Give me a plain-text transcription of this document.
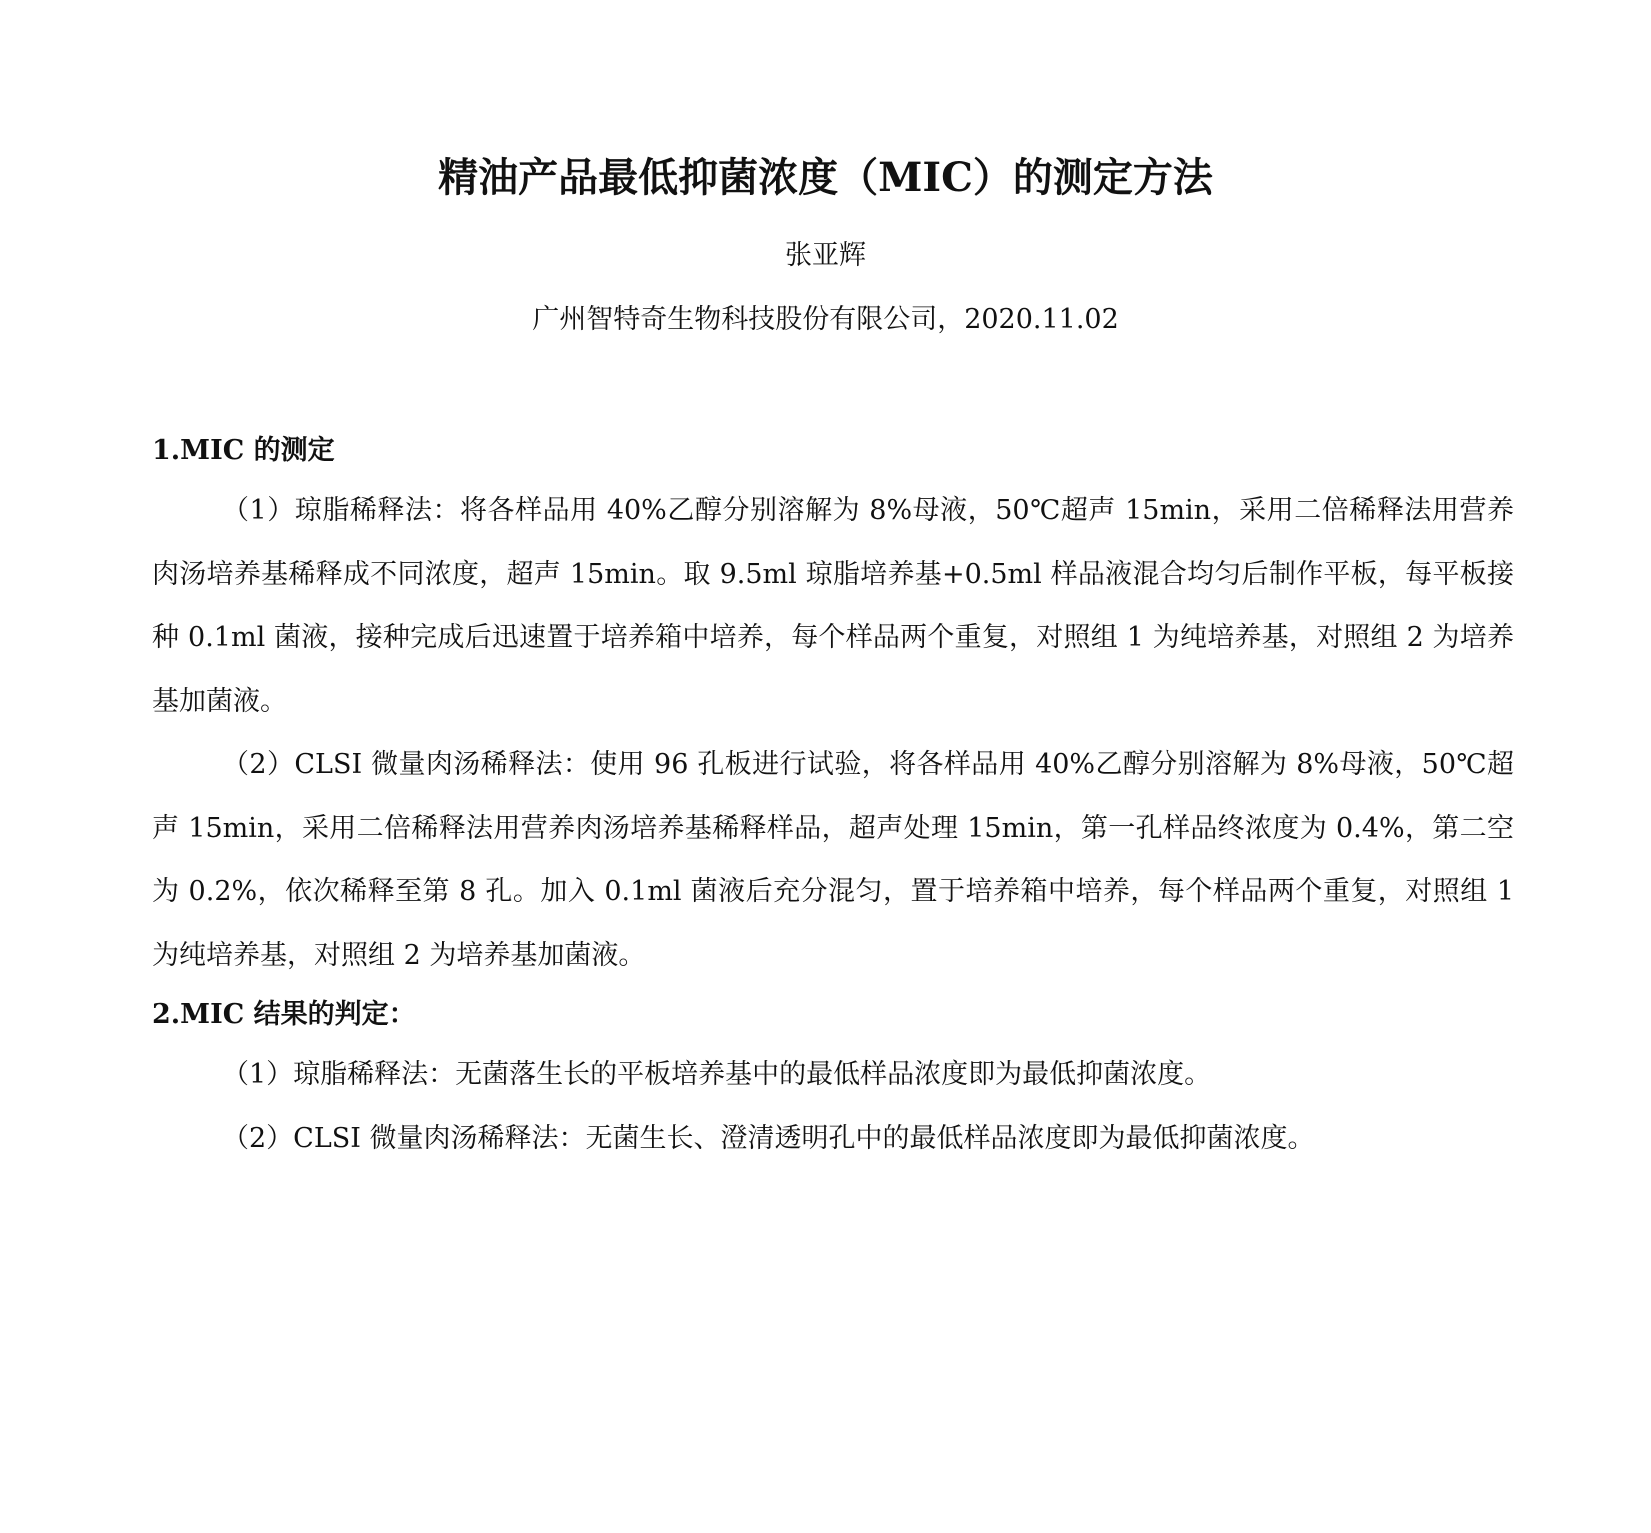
精油产品最低抑菌浓度（MIC）的测定方法
张亚辉
广州智特奇生物科技股份有限公司，2020.11.02
1.MIC 的测定

（1）琼脂稀释法：将各样品用 40%乙醇分别溶解为 8%母液，50℃超声 15min，采用二倍稀释法用营养肉汤培养基稀释成不同浓度，超声 15min。取 9.5ml 琼脂培养基+0.5ml 样品液混合均匀后制作平板，每平板接种 0.1ml 菌液，接种完成后迅速置于培养箱中培养，每个样品两个重复，对照组 1 为纯培养基，对照组 2 为培养基加菌液。

（2）CLSI 微量肉汤稀释法：使用 96 孔板进行试验，将各样品用 40%乙醇分别溶解为 8%母液，50℃超声 15min，采用二倍稀释法用营养肉汤培养基稀释样品，超声处理 15min，第一孔样品终浓度为 0.4%，第二空为 0.2%，依次稀释至第 8 孔。加入 0.1ml 菌液后充分混匀，置于培养箱中培养，每个样品两个重复，对照组 1 为纯培养基，对照组 2 为培养基加菌液。

2.MIC 结果的判定：

（1）琼脂稀释法：无菌落生长的平板培养基中的最低样品浓度即为最低抑菌浓度。

（2）CLSI 微量肉汤稀释法：无菌生长、澄清透明孔中的最低样品浓度即为最低抑菌浓度。
